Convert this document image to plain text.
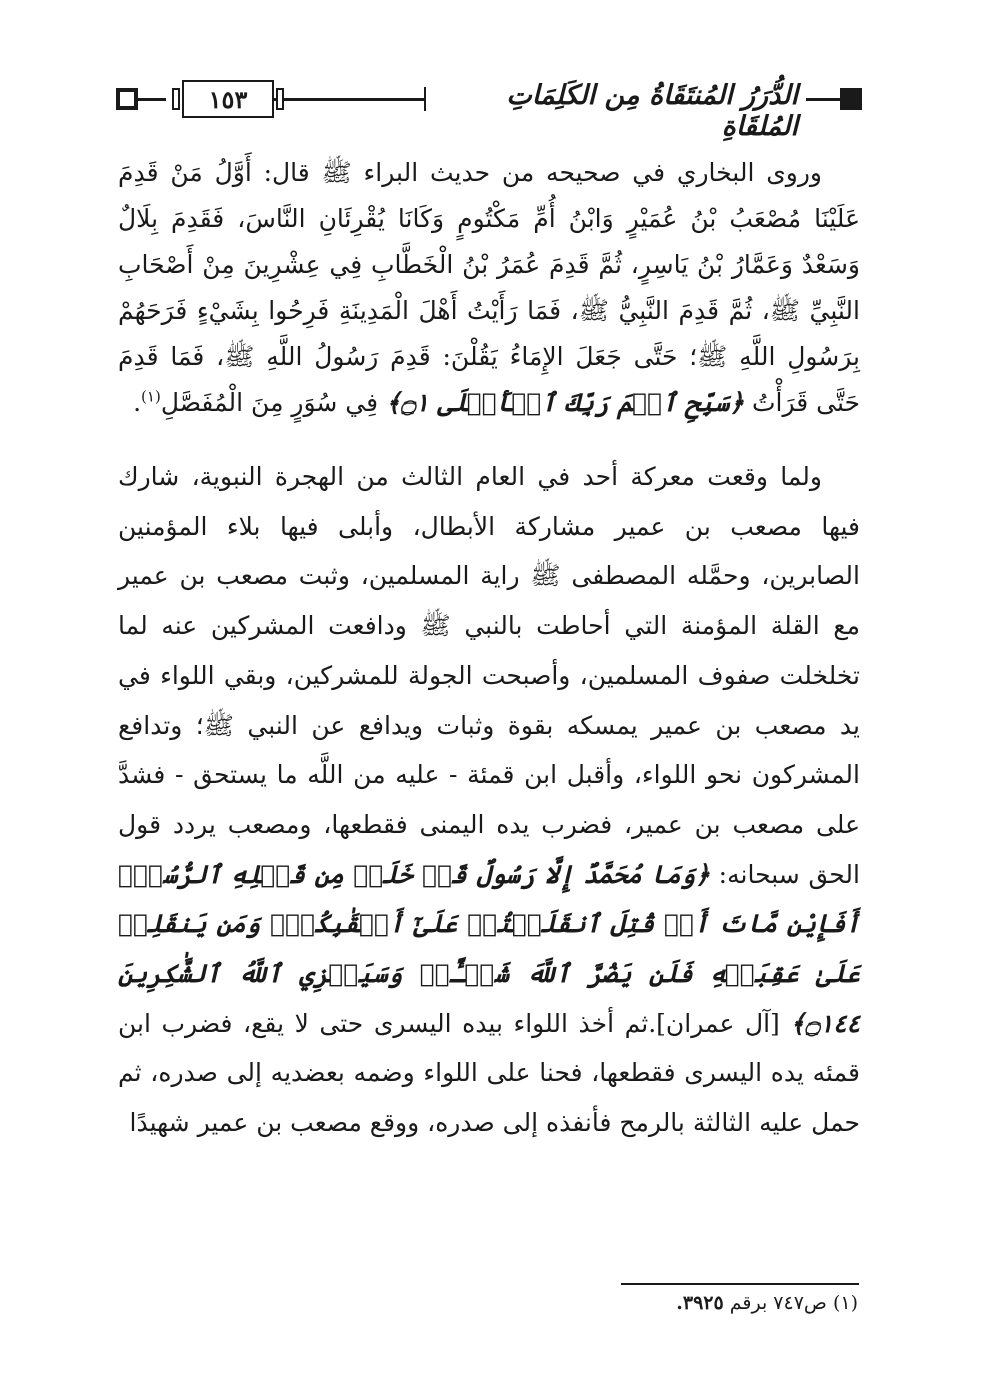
١٥٣	الدُّرَرُ المُنتَقَاةُ مِن الكَلِمَاتِ المُلقَاةِ

وروى البخاري في صحيحه من حديث البراء ﷺ قال: أَوَّلُ مَنْ قَدِمَ عَلَيْنَا مُصْعَبُ بْنُ عُمَيْرٍ وَابْنُ أُمِّ مَكْتُومٍ وَكَانَا يُقْرِئَانِ النَّاسَ، فَقَدِمَ بِلَالٌ وَسَعْدٌ وَعَمَّارُ بْنُ يَاسِرٍ، ثُمَّ قَدِمَ عُمَرُ بْنُ الْخَطَّابِ فِي عِشْرِينَ مِنْ أَصْحَابِ النَّبِيِّ ﷺ، ثُمَّ قَدِمَ النَّبِيُّ ﷺ، فَمَا رَأَيْتُ أَهْلَ الْمَدِينَةِ فَرِحُوا بِشَيْءٍ فَرَحَهُمْ بِرَسُولِ اللَّهِ ﷺ؛ حَتَّى جَعَلَ الإِمَاءُ يَقُلْنَ: قَدِمَ رَسُولُ اللَّهِ ﷺ، فَمَا قَدِمَ حَتَّى قَرَأْتُ ﴿سَبِّحِ ٱسۡمَ رَبِّكَ ٱلۡأَعۡلَى ۝١﴾ فِي سُوَرٍ مِنَ الْمُفَصَّلِ$^{(١)}$.

ولما وقعت معركة أحد في العام الثالث من الهجرة النبوية، شارك فيها مصعب بن عمير مشاركة الأبطال، وأبلى فيها بلاء المؤمنين الصابرين، وحمَّله المصطفى ﷺ راية المسلمين، وثبت مصعب بن عمير مع القلة المؤمنة التي أحاطت بالنبي ﷺ ودافعت المشركين عنه لما تخلخلت صفوف المسلمين، وأصبحت الجولة للمشركين، وبقي اللواء في يد مصعب بن عمير يمسكه بقوة وثبات ويدافع عن النبي ﷺ؛ وتدافع المشركون نحو اللواء، وأقبل ابن قمئة - عليه من اللَّه ما يستحق - فشدَّ على مصعب بن عمير، فضرب يده اليمنى فقطعها، ومصعب يردد قول الحق سبحانه: ﴿وَمَا مُحَمَّدٌ إِلَّا رَسُولٌ قَدۡ خَلَتۡ مِن قَبۡلِهِ ٱلرُّسُلُۚ أَفَإِيْن مَّاتَ أَوۡ قُتِلَ ٱنقَلَبۡتُمۡ عَلَىٰٓ أَعۡقَٰبِكُمۡۚ وَمَن يَنقَلِبۡ عَلَىٰ عَقِبَيۡهِ فَلَن يَضُرَّ ٱللَّهَ شَيۡـًٔاۗ وَسَيَجۡزِي ٱللَّهُ ٱلشَّٰكِرِينَ ۝١٤٤﴾ [آل عمران].ثم أخذ اللواء بيده اليسرى حتى لا يقع، فضرب ابن قمئه يده اليسرى فقطعها، فحنا على اللواء وضمه بعضديه إلى صدره، ثم حمل عليه الثالثة بالرمح فأنفذه إلى صدره، ووقع مصعب بن عمير شهيدًا

(١) ص٧٤٧ برقم ٣٩٢٥.
